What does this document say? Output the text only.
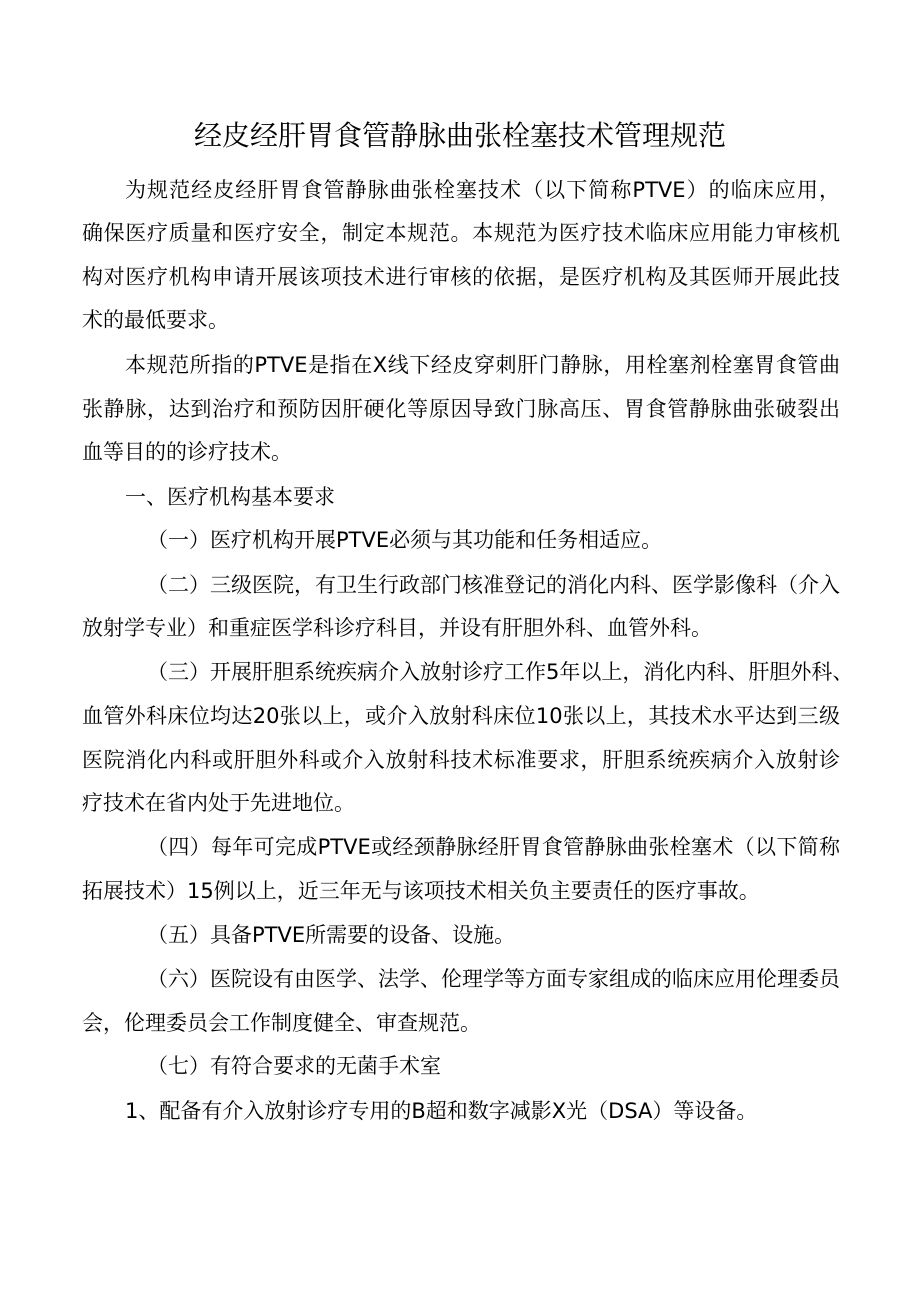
经皮经肝胃食管静脉曲张栓塞技术管理规范
为规范经皮经肝胃食管静脉曲张栓塞技术（以下简称PTVE）的临床应用，
确保医疗质量和医疗安全，制定本规范。本规范为医疗技术临床应用能力审核机
构对医疗机构申请开展该项技术进行审核的依据，是医疗机构及其医师开展此技
术的最低要求。
本规范所指的PTVE是指在X线下经皮穿刺肝门静脉，用栓塞剂栓塞胃食管曲
张静脉，达到治疗和预防因肝硬化等原因导致门脉高压、胃食管静脉曲张破裂出
血等目的的诊疗技术。
一、医疗机构基本要求
（一）医疗机构开展PTVE必须与其功能和任务相适应。
（二）三级医院，有卫生行政部门核准登记的消化内科、医学影像科（介入
放射学专业）和重症医学科诊疗科目，并设有肝胆外科、血管外科。
（三）开展肝胆系统疾病介入放射诊疗工作5年以上，消化内科、肝胆外科、
血管外科床位均达20张以上，或介入放射科床位10张以上，其技术水平达到三级
医院消化内科或肝胆外科或介入放射科技术标准要求，肝胆系统疾病介入放射诊
疗技术在省内处于先进地位。
（四）每年可完成PTVE或经颈静脉经肝胃食管静脉曲张栓塞术（以下简称
拓展技术）15例以上，近三年无与该项技术相关负主要责任的医疗事故。
（五）具备PTVE所需要的设备、设施。
（六）医院设有由医学、法学、伦理学等方面专家组成的临床应用伦理委员
会，伦理委员会工作制度健全、审查规范。
（七）有符合要求的无菌手术室
1、配备有介入放射诊疗专用的B超和数字减影X光（DSA）等设备。
